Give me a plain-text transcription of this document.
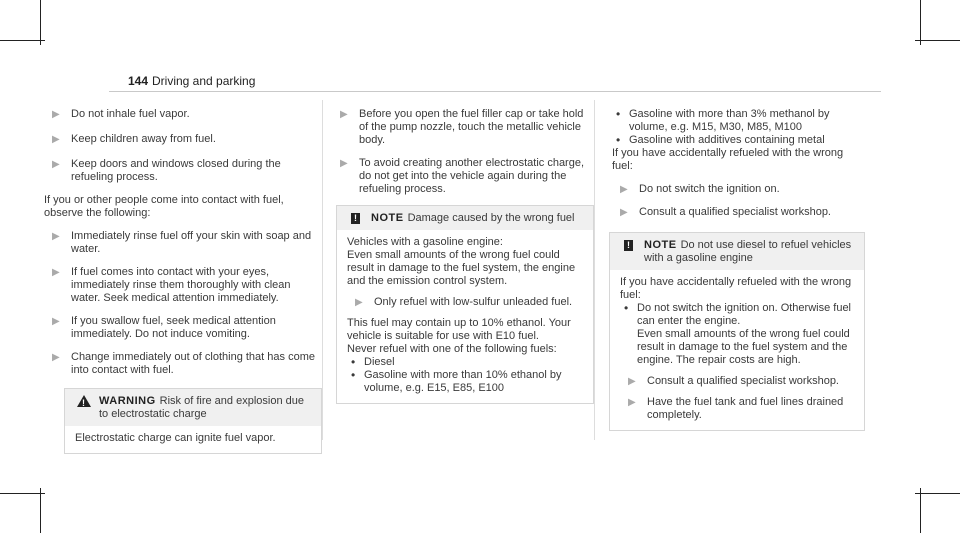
144 Driving and parking
▶ Do not inhale fuel vapor.
▶ Keep children away from fuel.
▶ Keep doors and windows closed during the refueling process.

If you or other people come into contact with fuel, observe the following:

▶ Immediately rinse fuel off your skin with soap and water.
▶ If fuel comes into contact with your eyes, immediately rinse them thoroughly with clean water. Seek medical attention immediately.
▶ If you swallow fuel, seek medical attention immediately. Do not induce vomiting.
▶ Change immediately out of clothing that has come into contact with fuel.
! WARNING Risk of fire and explosion due to electrostatic charge
Electrostatic charge can ignite fuel vapor.
▶ Before you open the fuel filler cap or take hold of the pump nozzle, touch the metallic vehicle body.
▶ To avoid creating another electrostatic charge, do not get into the vehicle again during the refueling process.
! NOTE Damage caused by the wrong fuel

Vehicles with a gasoline engine:

Even small amounts of the wrong fuel could result in damage to the fuel system, the engine and the emission control system.

▶ Only refuel with low-sulfur unleaded fuel.

This fuel may contain up to 10% ethanol. Your vehicle is suitable for use with E10 fuel.

Never refuel with one of the following fuels:

• Diesel
• Gasoline with more than 10% ethanol by volume, e.g. E15, E85, E100
• Gasoline with more than 3% methanol by volume, e.g. M15, M30, M85, M100
• Gasoline with additives containing metal

If you have accidentally refueled with the wrong fuel:

▶ Do not switch the ignition on.
▶ Consult a qualified specialist workshop.
! NOTE Do not use diesel to refuel vehicles with a gasoline engine

If you have accidentally refueled with the wrong fuel:

• Do not switch the ignition on. Otherwise fuel can enter the engine.

Even small amounts of the wrong fuel could result in damage to the fuel system and the engine. The repair costs are high.

▶ Consult a qualified specialist workshop.
▶ Have the fuel tank and fuel lines drained completely.
